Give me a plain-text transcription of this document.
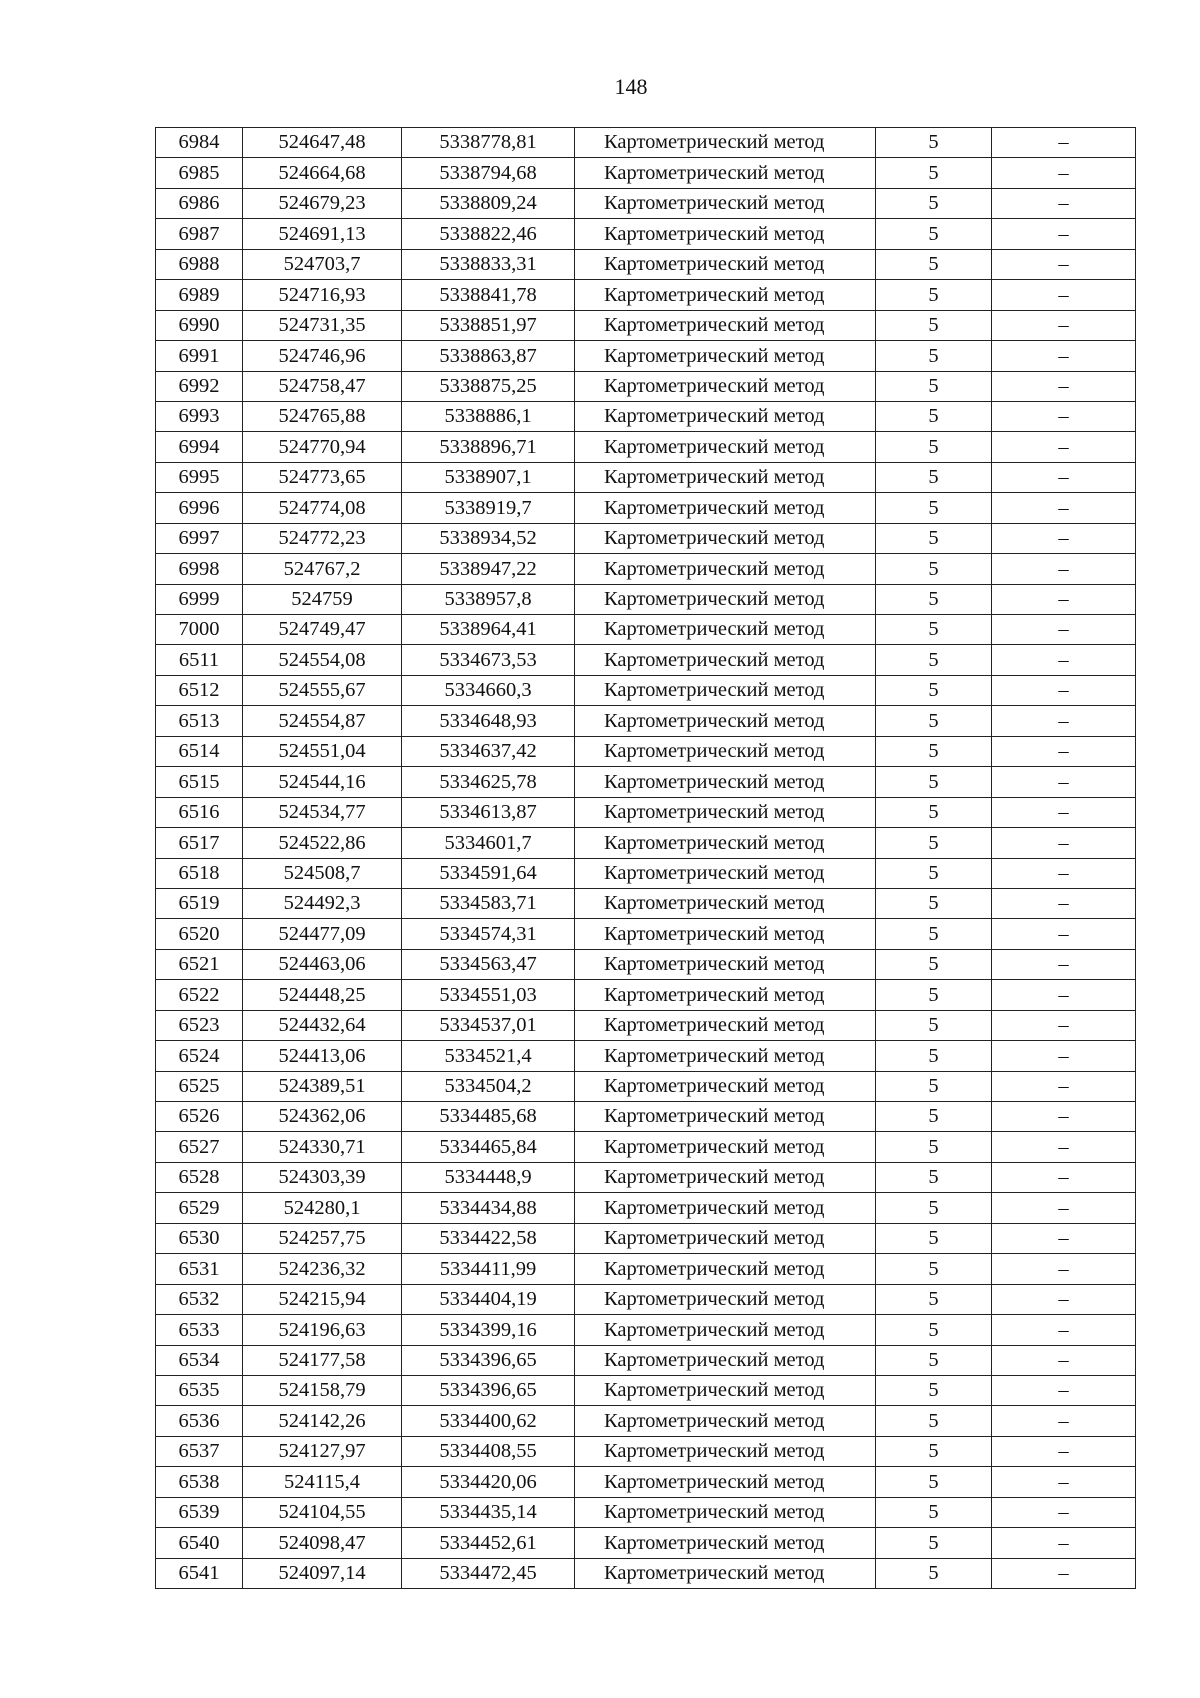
148
6984	524647,48	5338778,81	Картометрический метод	5	–
6985	524664,68	5338794,68	Картометрический метод	5	–
6986	524679,23	5338809,24	Картометрический метод	5	–
6987	524691,13	5338822,46	Картометрический метод	5	–
6988	524703,7	5338833,31	Картометрический метод	5	–
6989	524716,93	5338841,78	Картометрический метод	5	–
6990	524731,35	5338851,97	Картометрический метод	5	–
6991	524746,96	5338863,87	Картометрический метод	5	–
6992	524758,47	5338875,25	Картометрический метод	5	–
6993	524765,88	5338886,1	Картометрический метод	5	–
6994	524770,94	5338896,71	Картометрический метод	5	–
6995	524773,65	5338907,1	Картометрический метод	5	–
6996	524774,08	5338919,7	Картометрический метод	5	–
6997	524772,23	5338934,52	Картометрический метод	5	–
6998	524767,2	5338947,22	Картометрический метод	5	–
6999	524759	5338957,8	Картометрический метод	5	–
7000	524749,47	5338964,41	Картометрический метод	5	–
6511	524554,08	5334673,53	Картометрический метод	5	–
6512	524555,67	5334660,3	Картометрический метод	5	–
6513	524554,87	5334648,93	Картометрический метод	5	–
6514	524551,04	5334637,42	Картометрический метод	5	–
6515	524544,16	5334625,78	Картометрический метод	5	–
6516	524534,77	5334613,87	Картометрический метод	5	–
6517	524522,86	5334601,7	Картометрический метод	5	–
6518	524508,7	5334591,64	Картометрический метод	5	–
6519	524492,3	5334583,71	Картометрический метод	5	–
6520	524477,09	5334574,31	Картометрический метод	5	–
6521	524463,06	5334563,47	Картометрический метод	5	–
6522	524448,25	5334551,03	Картометрический метод	5	–
6523	524432,64	5334537,01	Картометрический метод	5	–
6524	524413,06	5334521,4	Картометрический метод	5	–
6525	524389,51	5334504,2	Картометрический метод	5	–
6526	524362,06	5334485,68	Картометрический метод	5	–
6527	524330,71	5334465,84	Картометрический метод	5	–
6528	524303,39	5334448,9	Картометрический метод	5	–
6529	524280,1	5334434,88	Картометрический метод	5	–
6530	524257,75	5334422,58	Картометрический метод	5	–
6531	524236,32	5334411,99	Картометрический метод	5	–
6532	524215,94	5334404,19	Картометрический метод	5	–
6533	524196,63	5334399,16	Картометрический метод	5	–
6534	524177,58	5334396,65	Картометрический метод	5	–
6535	524158,79	5334396,65	Картометрический метод	5	–
6536	524142,26	5334400,62	Картометрический метод	5	–
6537	524127,97	5334408,55	Картометрический метод	5	–
6538	524115,4	5334420,06	Картометрический метод	5	–
6539	524104,55	5334435,14	Картометрический метод	5	–
6540	524098,47	5334452,61	Картометрический метод	5	–
6541	524097,14	5334472,45	Картометрический метод	5	–
